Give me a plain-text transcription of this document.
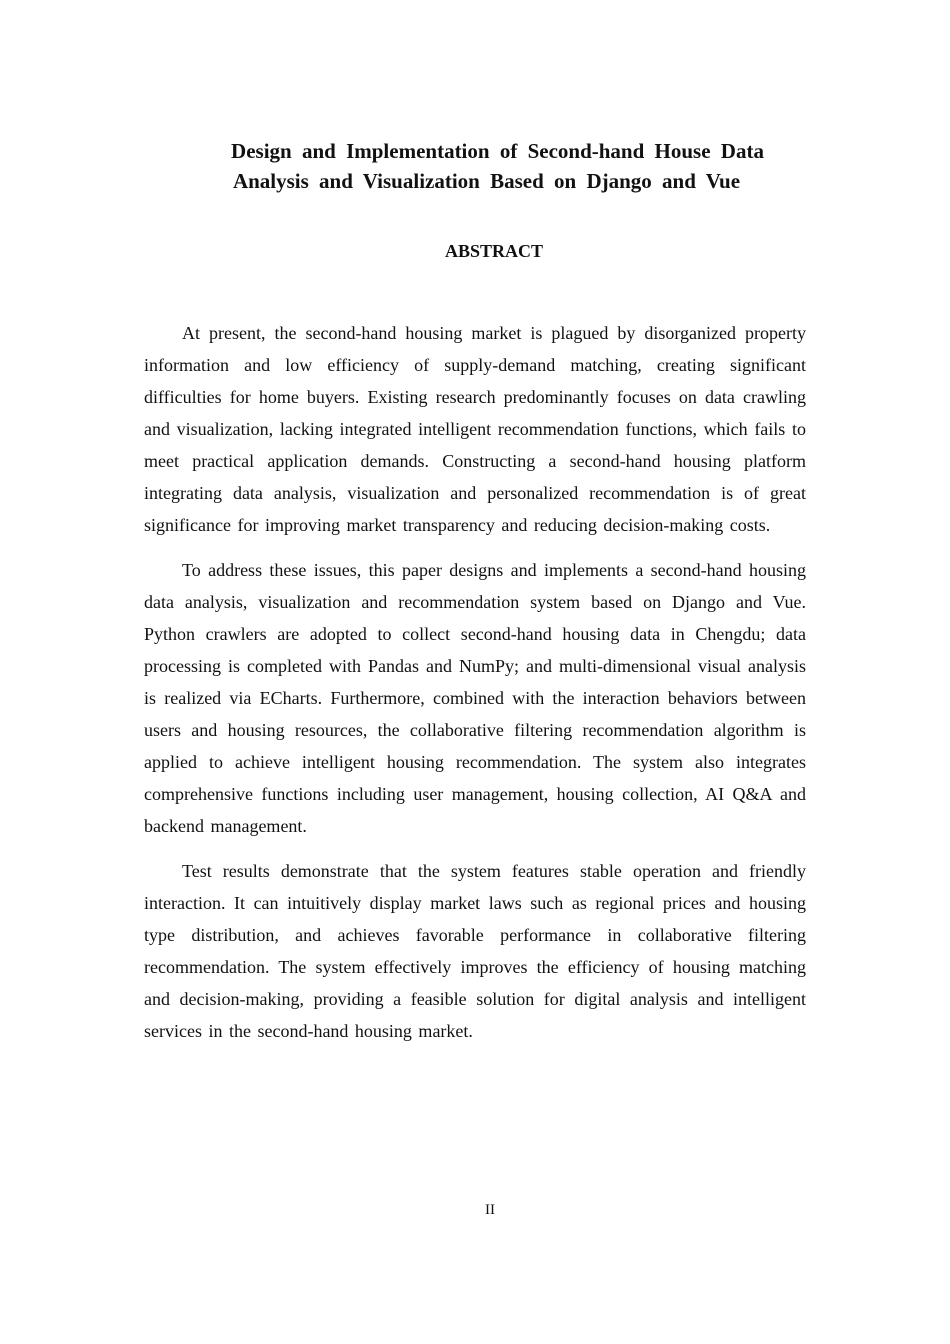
Design and Implementation of Second-hand House Data
Analysis and Visualization Based on Django and Vue
ABSTRACT

At present, the second-hand housing market is plagued by disorganized property information and low efficiency of supply-demand matching, creating significant difficulties for home buyers. Existing research predominantly focuses on data crawling and visualization, lacking integrated intelligent recommendation functions, which fails to meet practical application demands. Constructing a second-hand housing platform integrating data analysis, visualization and personalized recommendation is of great significance for improving market transparency and reducing decision-making costs.

To address these issues, this paper designs and implements a second-hand housing data analysis, visualization and recommendation system based on Django and Vue. Python crawlers are adopted to collect second-hand housing data in Chengdu; data processing is completed with Pandas and NumPy; and multi-dimensional visual analysis is realized via ECharts. Furthermore, combined with the interaction behaviors between users and housing resources, the collaborative filtering recommendation algorithm is applied to achieve intelligent housing recommendation. The system also integrates comprehensive functions including user management, housing collection, AI Q&A and backend management.

Test results demonstrate that the system features stable operation and friendly interaction. It can intuitively display market laws such as regional prices and housing type distribution, and achieves favorable performance in collaborative filtering recommendation. The system effectively improves the efficiency of housing matching and decision-making, providing a feasible solution for digital analysis and intelligent services in the second-hand housing market.

II
